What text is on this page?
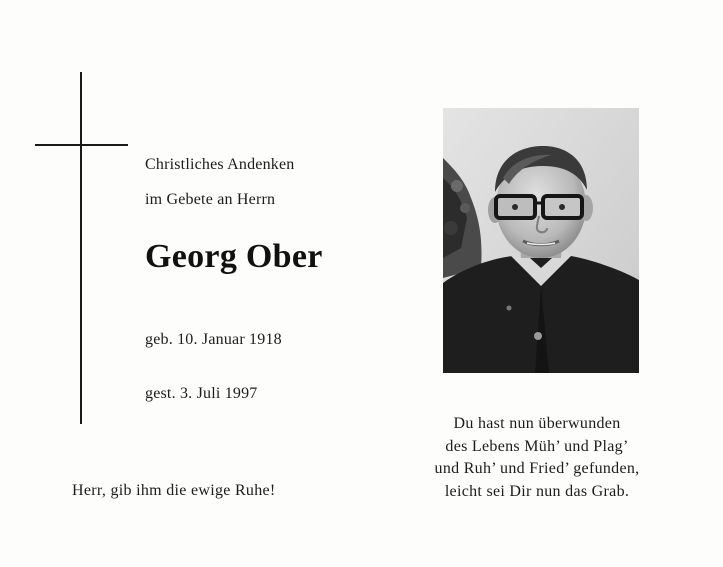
Christliches Andenken
im Gebete an Herrn
Georg Ober
geb. 10. Januar 1918
gest. 3. Juli 1997
Herr, gib ihm die ewige Ruhe!
Du hast nun überwunden
des Lebens Müh’ und Plag’
und Ruh’ und Fried’ gefunden,
leicht sei Dir nun das Grab.
